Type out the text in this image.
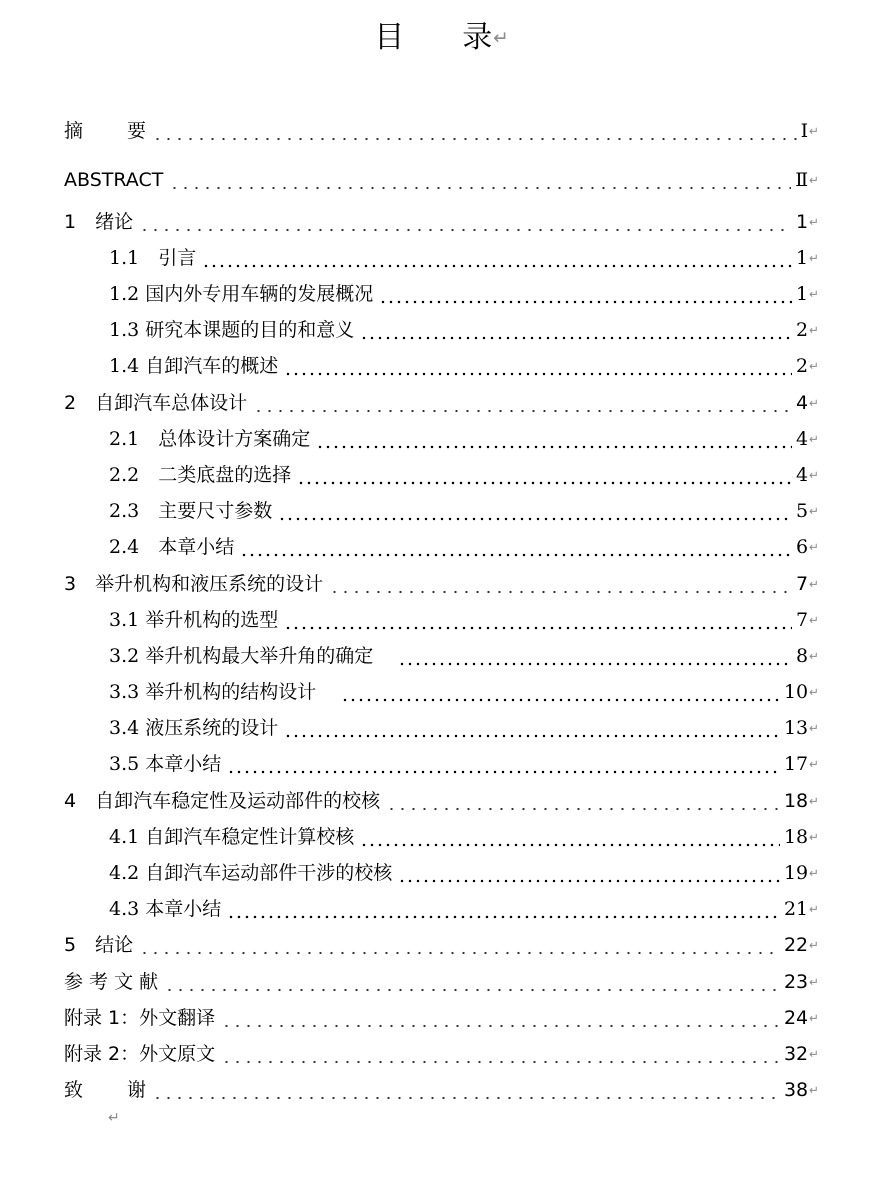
目 录↵
摘　　 要	Ⅰ ↵
ABSTRACT	Ⅱ ↵
1　绪论	1 ↵
1.1　引言	1 ↵
1.2 国内外专用车辆的发展概况	1 ↵
1.3 研究本课题的目的和意义	2 ↵
1.4 自卸汽车的概述	2 ↵
2　自卸汽车总体设计	4 ↵
2.1　总体设计方案确定	4 ↵
2.2　二类底盘的选择	4 ↵
2.3　主要尺寸参数	5 ↵
2.4　本章小结	6 ↵
3　举升机构和液压系统的设计	7 ↵
3.1 举升机构的选型	7 ↵
3.2 举升机构最大举升角的确定　	8 ↵
3.3 举升机构的结构设计　	10 ↵
3.4 液压系统的设计	13 ↵
3.5 本章小结	17 ↵
4　自卸汽车稳定性及运动部件的校核	18 ↵
4.1 自卸汽车稳定性计算校核	18 ↵
4.2 自卸汽车运动部件干涉的校核	19 ↵
4.3 本章小结	21 ↵
5　结论	22 ↵
参 考 文 献	23 ↵
附录 1：外文翻译	24 ↵
附录 2：外文原文	32 ↵
致　　 谢	38 ↵
↵
